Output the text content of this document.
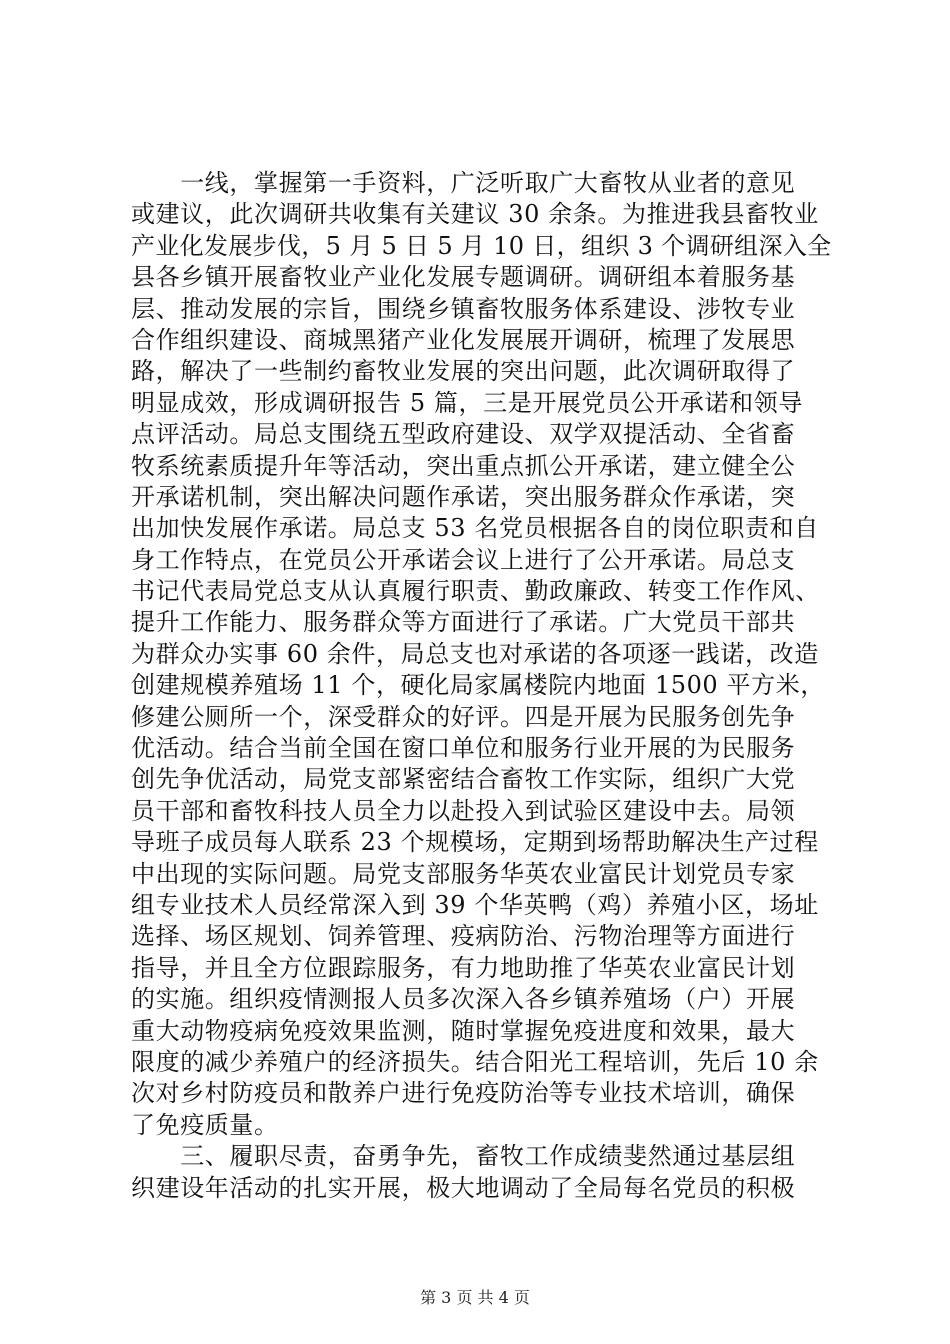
　　一线，掌握第一手资料，广泛听取广大畜牧从业者的意见
或建议，此次调研共收集有关建议 30 余条。为推进我县畜牧业
产业化发展步伐，5 月 5 日 5 月 10 日，组织 3 个调研组深入全
县各乡镇开展畜牧业产业化发展专题调研。调研组本着服务基
层、推动发展的宗旨，围绕乡镇畜牧服务体系建设、涉牧专业
合作组织建设、商城黑猪产业化发展展开调研，梳理了发展思
路，解决了一些制约畜牧业发展的突出问题，此次调研取得了
明显成效，形成调研报告 5 篇，三是开展党员公开承诺和领导
点评活动。局总支围绕五型政府建设、双学双提活动、全省畜
牧系统素质提升年等活动，突出重点抓公开承诺，建立健全公
开承诺机制，突出解决问题作承诺，突出服务群众作承诺，突
出加快发展作承诺。局总支 53 名党员根据各自的岗位职责和自
身工作特点，在党员公开承诺会议上进行了公开承诺。局总支
书记代表局党总支从认真履行职责、勤政廉政、转变工作作风、
提升工作能力、服务群众等方面进行了承诺。广大党员干部共
为群众办实事 60 余件，局总支也对承诺的各项逐一践诺，改造
创建规模养殖场 11 个，硬化局家属楼院内地面 1500 平方米，
修建公厕所一个，深受群众的好评。四是开展为民服务创先争
优活动。结合当前全国在窗口单位和服务行业开展的为民服务
创先争优活动，局党支部紧密结合畜牧工作实际，组织广大党
员干部和畜牧科技人员全力以赴投入到试验区建设中去。局领
导班子成员每人联系 23 个规模场，定期到场帮助解决生产过程
中出现的实际问题。局党支部服务华英农业富民计划党员专家
组专业技术人员经常深入到 39 个华英鸭（鸡）养殖小区，场址
选择、场区规划、饲养管理、疫病防治、污物治理等方面进行
指导，并且全方位跟踪服务，有力地助推了华英农业富民计划
的实施。组织疫情测报人员多次深入各乡镇养殖场（户）开展
重大动物疫病免疫效果监测，随时掌握免疫进度和效果，最大
限度的减少养殖户的经济损失。结合阳光工程培训，先后 10 余
次对乡村防疫员和散养户进行免疫防治等专业技术培训，确保
了免疫质量。
　　三、履职尽责，奋勇争先，畜牧工作成绩斐然通过基层组
织建设年活动的扎实开展，极大地调动了全局每名党员的积极
第 3 页 共 4 页
